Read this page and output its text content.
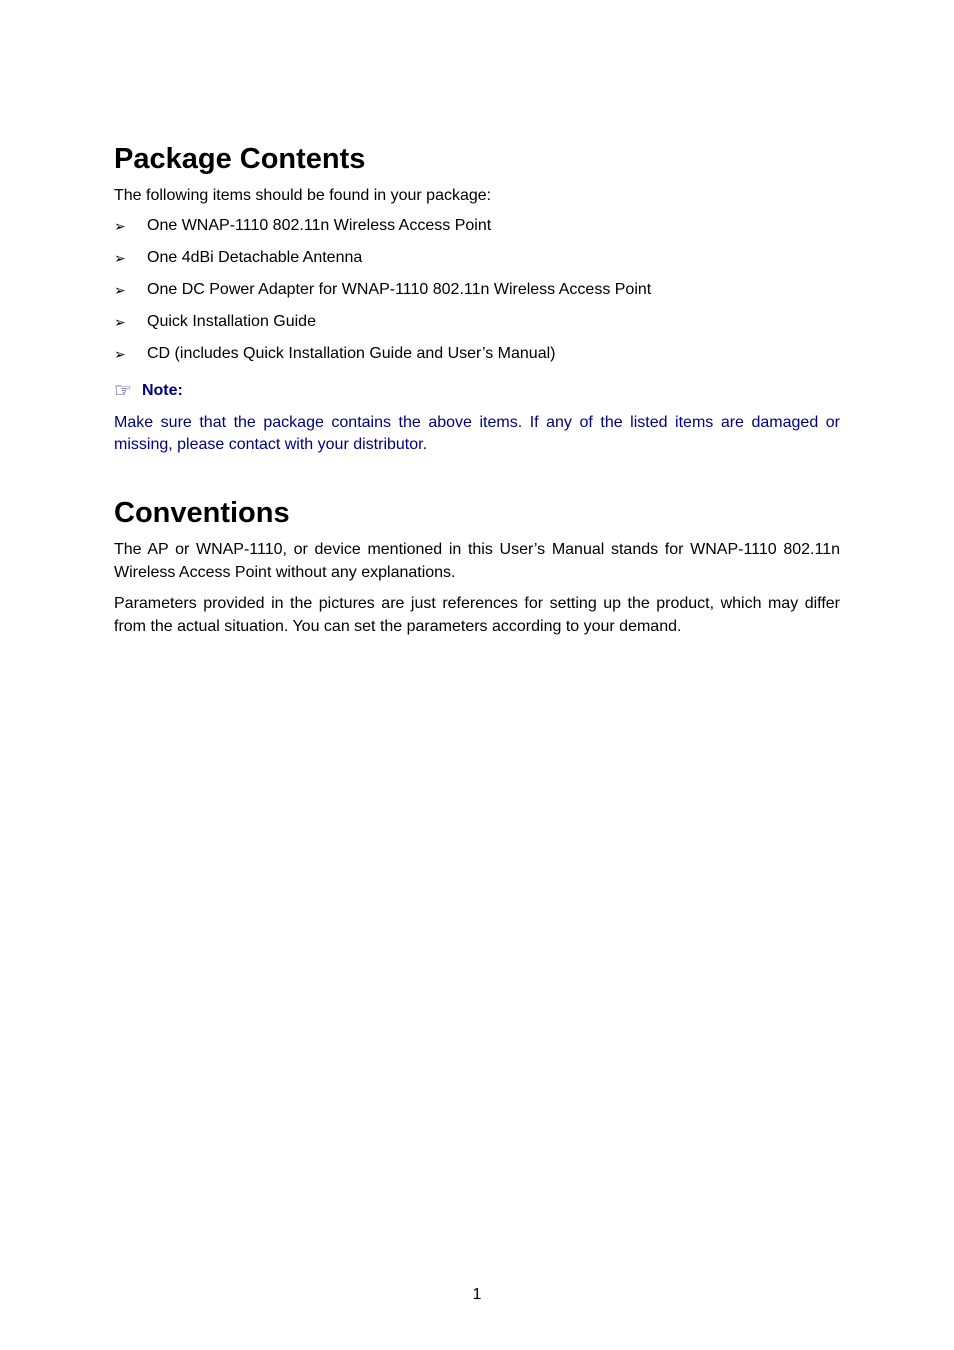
Package Contents

The following items should be found in your package:

➢ One WNAP-1110 802.11n Wireless Access Point
➢ One 4dBi Detachable Antenna
➢ One DC Power Adapter for WNAP-1110 802.11n Wireless Access Point
➢ Quick Installation Guide
➢ CD (includes Quick Installation Guide and User’s Manual)
☞ Note:

Make sure that the package contains the above items. If any of the listed items are damaged or missing, please contact with your distributor.

Conventions

The AP or WNAP-1110, or device mentioned in this User’s Manual stands for WNAP-1110 802.11n Wireless Access Point without any explanations.

Parameters provided in the pictures are just references for setting up the product, which may differ from the actual situation. You can set the parameters according to your demand.

1
